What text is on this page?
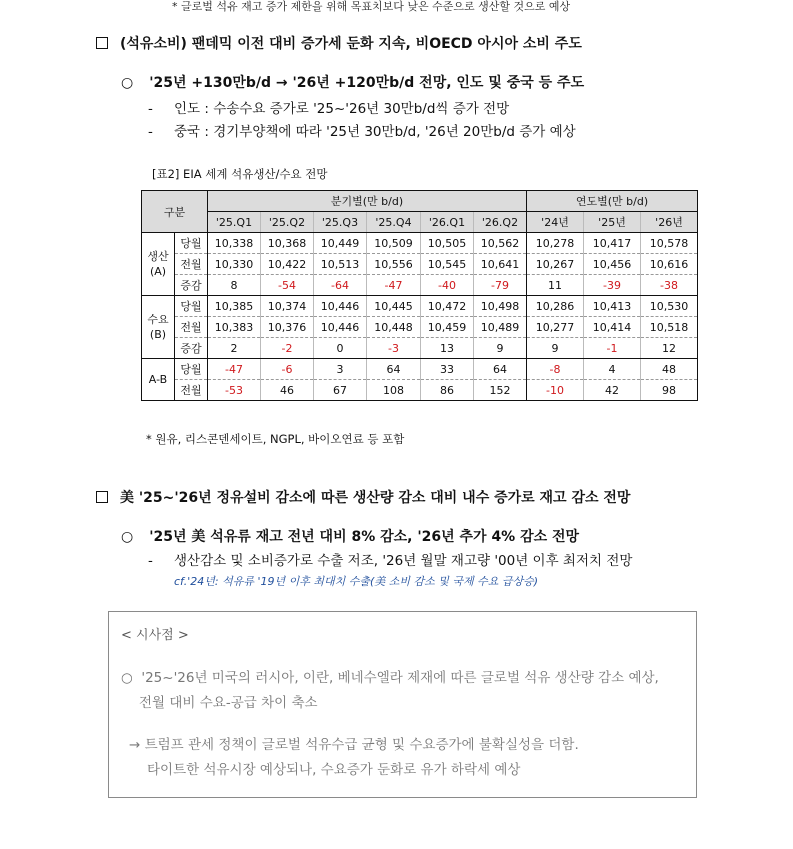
* 글로벌 석유 재고 증가 제한을 위해 목표치보다 낮은 수준으로 생산할 것으로 예상
(석유소비) 팬데믹 이전 대비 증가세 둔화 지속, 비OECD 아시아 소비 주도
○ '25년 +130만b/d → '26년 +120만b/d 전망, 인도 및 중국 등 주도
- 인도 : 수송수요 증가로 '25~'26년 30만b/d씩 증가 전망
- 중국 : 경기부양책에 따라 '25년 30만b/d, '26년 20만b/d 증가 예상
[표2] EIA 세계 석유생산/수요 전망
구분		분기별(만 b/d)						연도별(만 b/d)		
		'25.Q1	'25.Q2	'25.Q3	'25.Q4	'26.Q1	'26.Q2	'24년	'25년	'26년

생산
(A)	당월	10,338	10,368	10,449	10,509	10,505	10,562	10,278	10,417	10,578
	전월	10,330	10,422	10,513	10,556	10,545	10,641	10,267	10,456	10,616
	증감	8	-54	-64	-47	-40	-79	11	-39	-38

수요
(B)	당월	10,385	10,374	10,446	10,445	10,472	10,498	10,286	10,413	10,530
	전월	10,383	10,376	10,446	10,448	10,459	10,489	10,277	10,414	10,518
	증감	2	-2	0	-3	13	9	9	-1	12

A-B	당월	-47	-6	3	64	33	64	-8	4	48
	전월	-53	46	67	108	86	152	-10	42	98
* 원유, 리스콘덴세이트, NGPL, 바이오연료 등 포함
美 '25~'26년 정유설비 감소에 따른 생산량 감소 대비 내수 증가로 재고 감소 전망
○ '25년 美 석유류 재고 전년 대비 8% 감소, '26년 추가 4% 감소 전망
- 생산감소 및 소비증가로 수출 저조, '26년 월말 재고량 '00년 이후 최저치 전망
cf.'24년: 석유류 '19년 이후 최대치 수출(美 소비 감소 및 국제 수요 급상승)
< 시사점 >
○ '25~'26년 미국의 러시아, 이란, 베네수엘라 제재에 따른 글로벌 석유 생산량 감소 예상,
전월 대비 수요-공급 차이 축소
→ 트럼프 관세 정책이 글로벌 석유수급 균형 및 수요증가에 불확실성을 더함.
타이트한 석유시장 예상되나, 수요증가 둔화로 유가 하락세 예상
